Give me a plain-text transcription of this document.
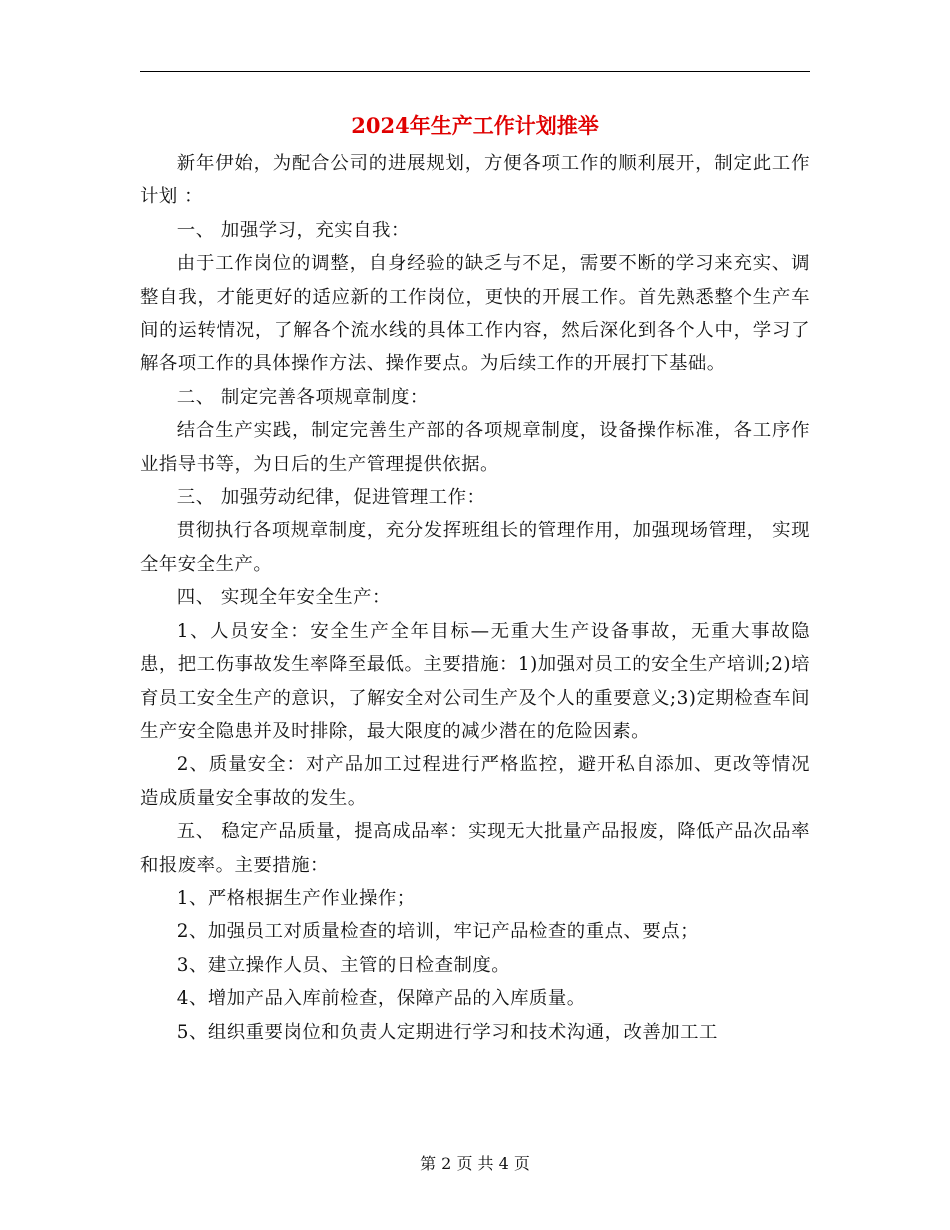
2024年生产工作计划推举

新年伊始，为配合公司的进展规划，方便各项工作的顺利展开，制定此工作计划 ：

一、 加强学习，充实自我：

由于工作岗位的调整，自身经验的缺乏与不足，需要不断的学习来充实、调整自我，才能更好的适应新的工作岗位，更快的开展工作。首先熟悉整个生产车间的运转情况，了解各个流水线的具体工作内容，然后深化到各个人中，学习了解各项工作的具体操作方法、操作要点。为后续工作的开展打下基础。

二、 制定完善各项规章制度：

结合生产实践，制定完善生产部的各项规章制度，设备操作标准，各工序作业指导书等，为日后的生产管理提供依据。

三、 加强劳动纪律，促进管理工作：

贯彻执行各项规章制度，充分发挥班组长的管理作用，加强现场管理， 实现全年安全生产。

四、 实现全年安全生产：

1、人员安全：安全生产全年目标—无重大生产设备事故，无重大事故隐患，把工伤事故发生率降至最低。主要措施：1)加强对员工的安全生产培训;2)培育员工安全生产的意识，了解安全对公司生产及个人的重要意义;3)定期检查车间生产安全隐患并及时排除，最大限度的减少潜在的危险因素。

2、质量安全：对产品加工过程进行严格监控，避开私自添加、更改等情况造成质量安全事故的发生。

五、 稳定产品质量，提高成品率：实现无大批量产品报废，降低产品次品率和报废率。主要措施：

1、严格根据生产作业操作；

2、加强员工对质量检查的培训，牢记产品检查的重点、要点；

3、建立操作人员、主管的日检查制度。

4、增加产品入库前检查，保障产品的入库质量。

5、组织重要岗位和负责人定期进行学习和技术沟通，改善加工工

第 2 页 共 4 页
